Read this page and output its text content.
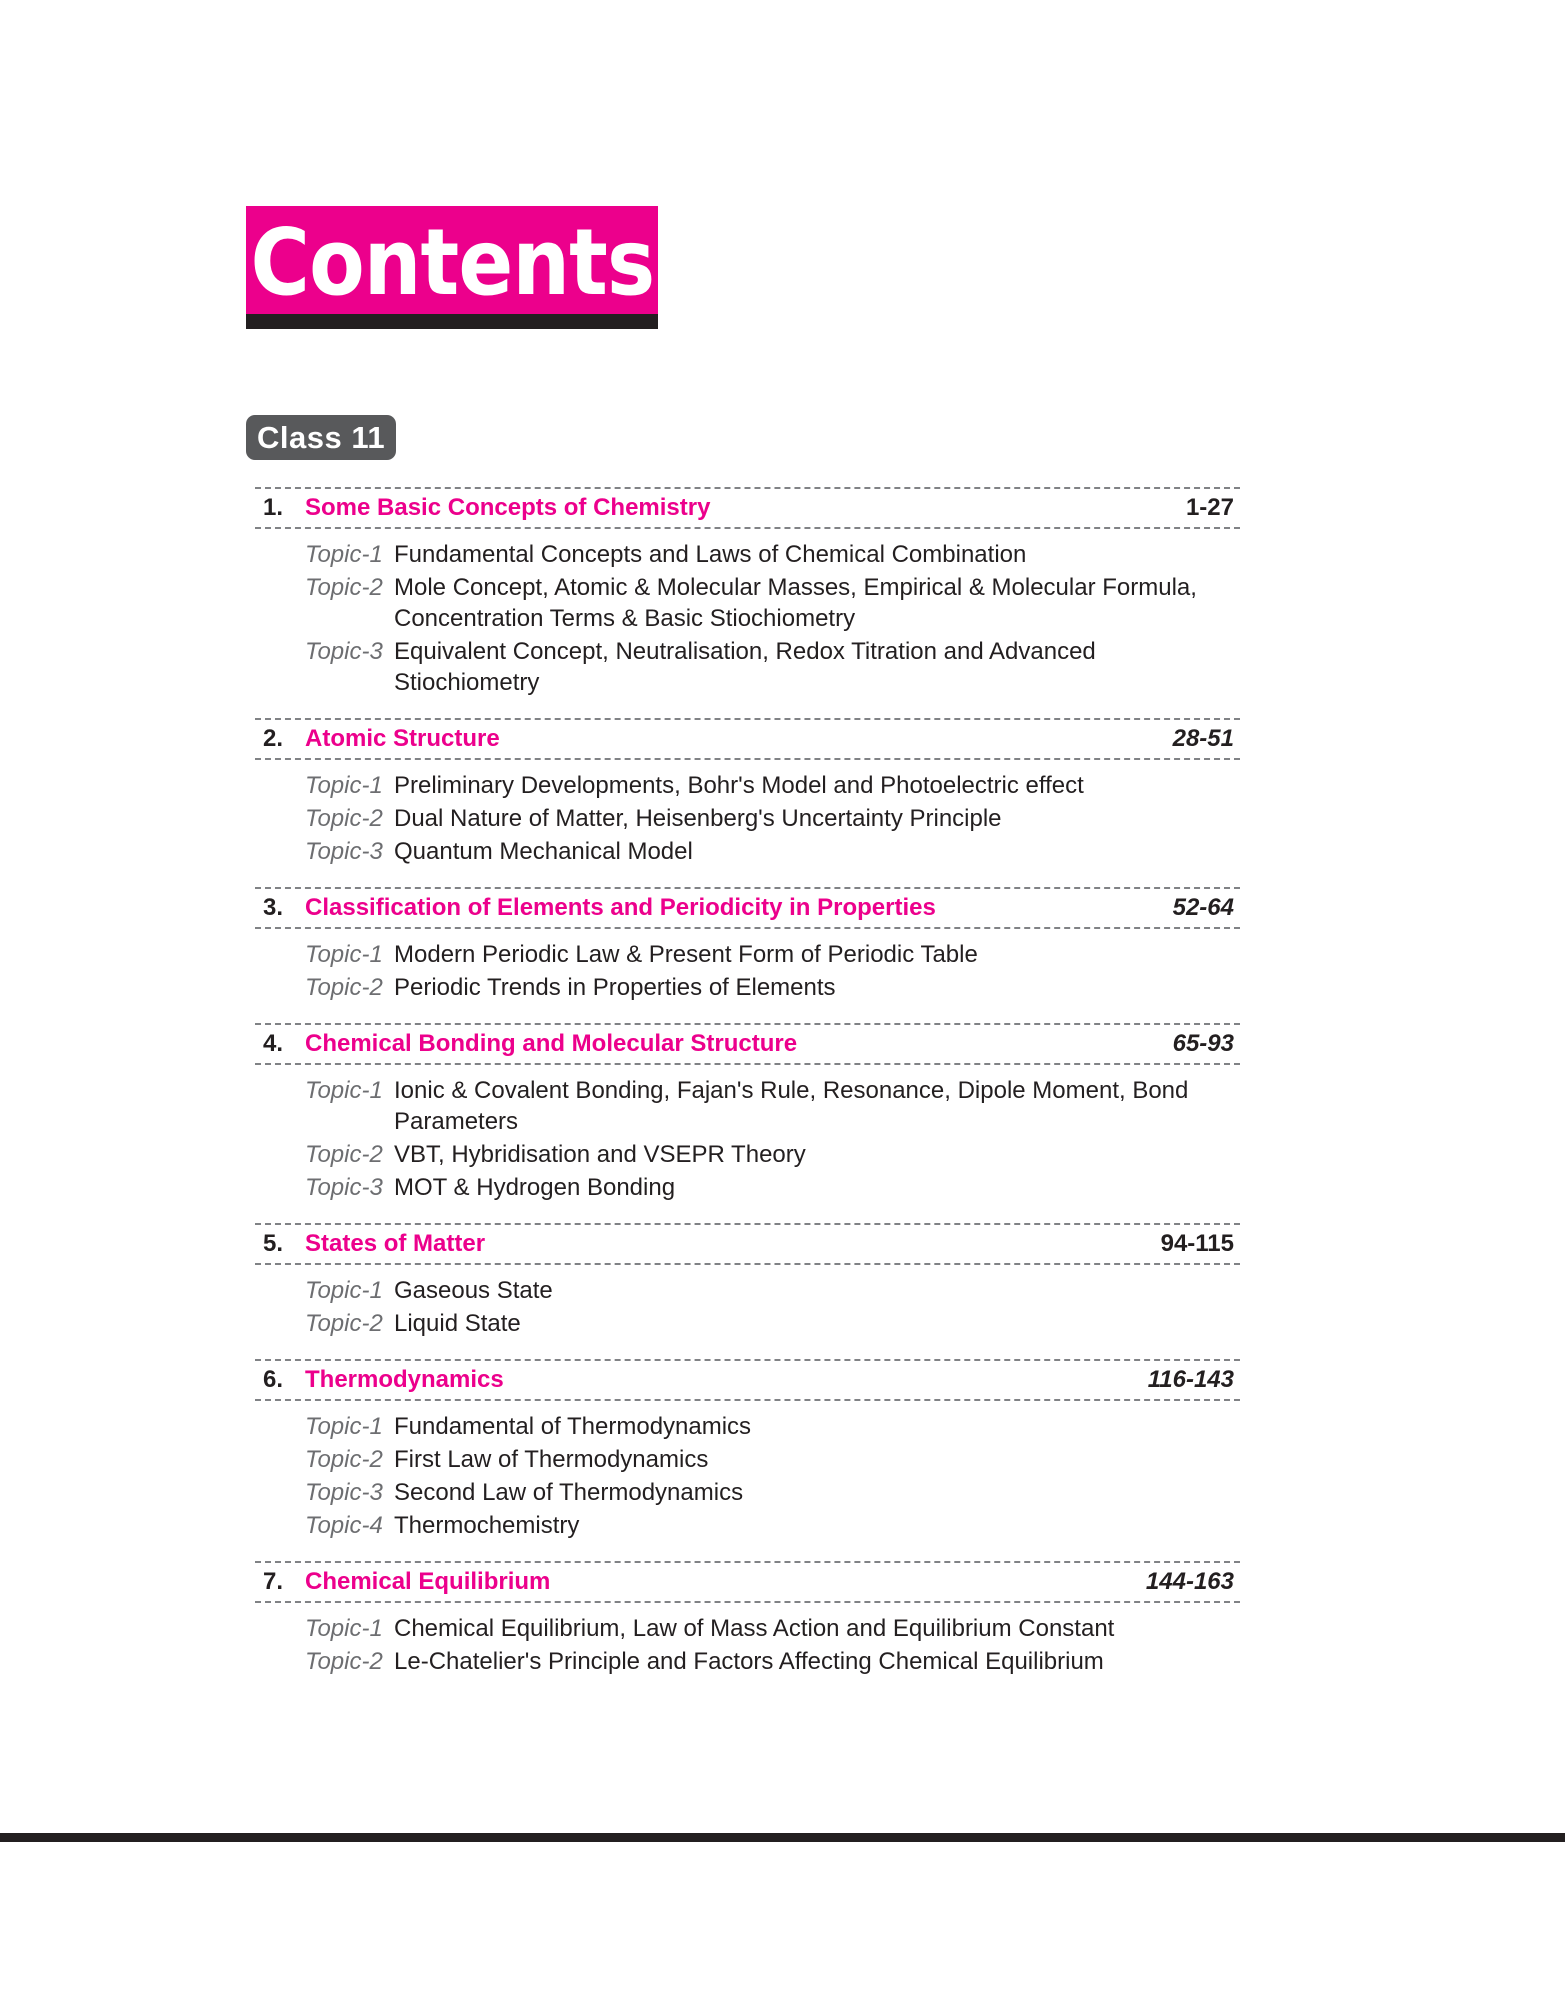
Contents
Class 11
1. Some Basic Concepts of Chemistry	1-27
Topic-1 Fundamental Concepts and Laws of Chemical Combination
Topic-2 Mole Concept, Atomic & Molecular Masses, Empirical & Molecular Formula, Concentration Terms & Basic Stiochiometry
Topic-3 Equivalent Concept, Neutralisation, Redox Titration and Advanced Stiochiometry
2. Atomic Structure	28-51
Topic-1 Preliminary Developments, Bohr's Model and Photoelectric effect
Topic-2 Dual Nature of Matter, Heisenberg's Uncertainty Principle
Topic-3 Quantum Mechanical Model
3. Classification of Elements and Periodicity in Properties	52-64
Topic-1 Modern Periodic Law & Present Form of Periodic Table
Topic-2 Periodic Trends in Properties of Elements
4. Chemical Bonding and Molecular Structure	65-93
Topic-1 Ionic & Covalent Bonding, Fajan's Rule, Resonance, Dipole Moment, Bond Parameters
Topic-2 VBT, Hybridisation and VSEPR Theory
Topic-3 MOT & Hydrogen Bonding
5. States of Matter	94-115
Topic-1 Gaseous State
Topic-2 Liquid State
6. Thermodynamics	116-143
Topic-1 Fundamental of Thermodynamics
Topic-2 First Law of Thermodynamics
Topic-3 Second Law of Thermodynamics
Topic-4 Thermochemistry
7. Chemical Equilibrium	144-163
Topic-1 Chemical Equilibrium, Law of Mass Action and Equilibrium Constant
Topic-2 Le-Chatelier's Principle and Factors Affecting Chemical Equilibrium
